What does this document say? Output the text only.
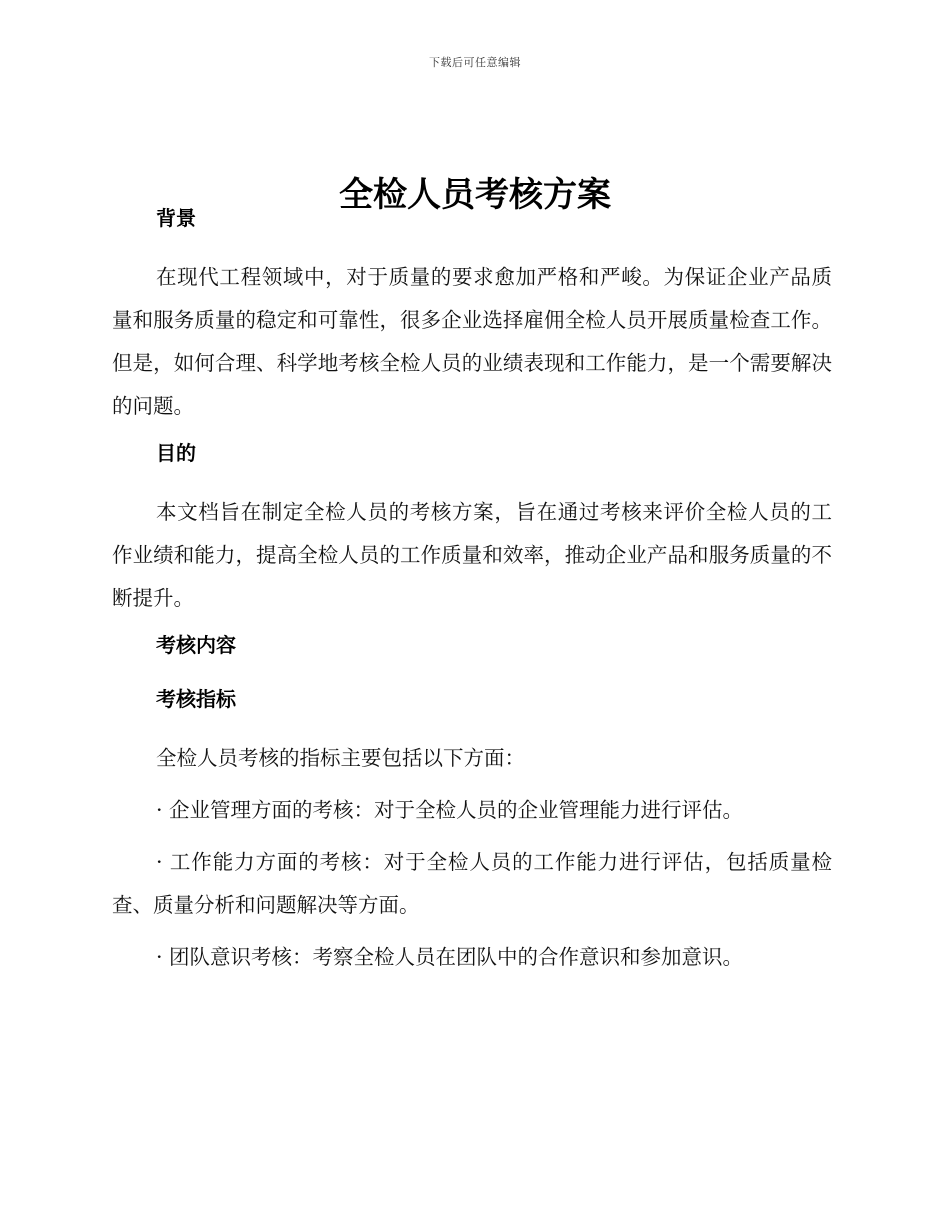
下载后可任意编辑
全检人员考核方案
背景

在现代工程领域中，对于质量的要求愈加严格和严峻。为保证企业产品质量和服务质量的稳定和可靠性，很多企业选择雇佣全检人员开展质量检查工作。但是，如何合理、科学地考核全检人员的业绩表现和工作能力，是一个需要解决的问题。

目的

本文档旨在制定全检人员的考核方案，旨在通过考核来评价全检人员的工作业绩和能力，提高全检人员的工作质量和效率，推动企业产品和服务质量的不断提升。

考核内容
考核指标

全检人员考核的指标主要包括以下方面：

· 企业管理方面的考核：对于全检人员的企业管理能力进行评估。

· 工作能力方面的考核：对于全检人员的工作能力进行评估，包括质量检查、质量分析和问题解决等方面。

· 团队意识考核：考察全检人员在团队中的合作意识和参加意识。
